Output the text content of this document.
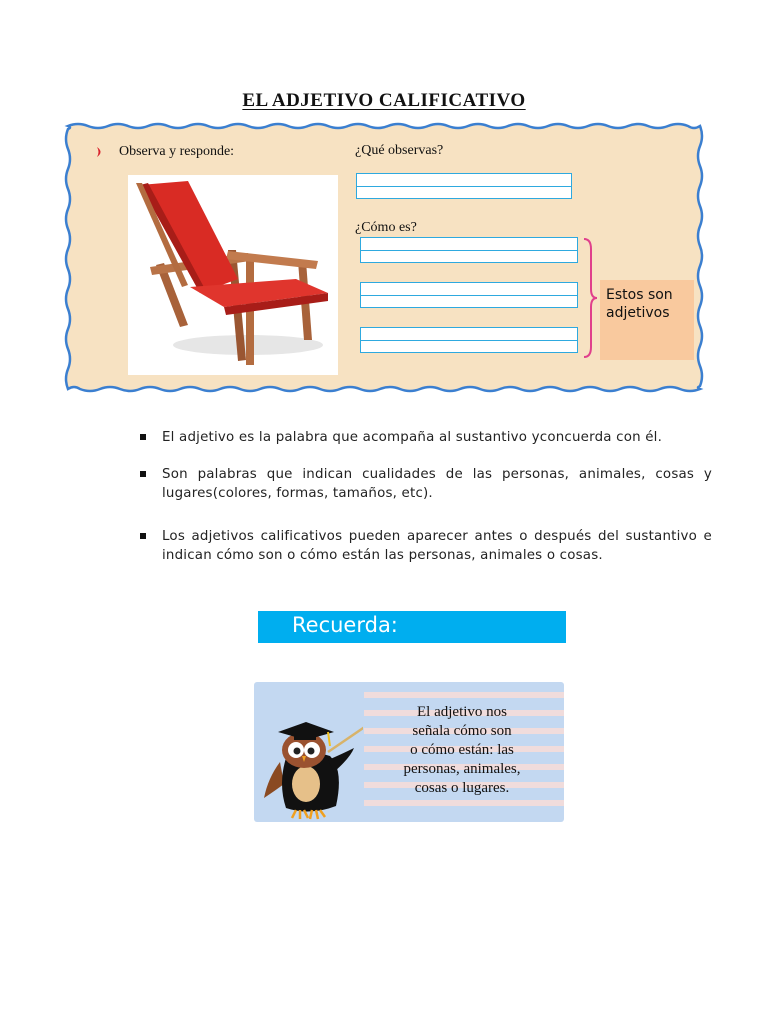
EL ADJETIVO CALIFICATIVO
Observa y responde:	¿Qué observas?
¿Cómo es?
Estos son adjetivos
El adjetivo es la palabra que acompaña al sustantivo yconcuerda con él.
Son palabras que indican cualidades de las personas, animales, cosas y lugares(colores, formas, tamaños, etc).
Los adjetivos calificativos pueden aparecer antes o después del sustantivo e indican cómo son o cómo están las personas, animales o cosas.
Recuerda:
El adjetivo nos
señala cómo son
o cómo están: las
personas, animales,
cosas o lugares.
